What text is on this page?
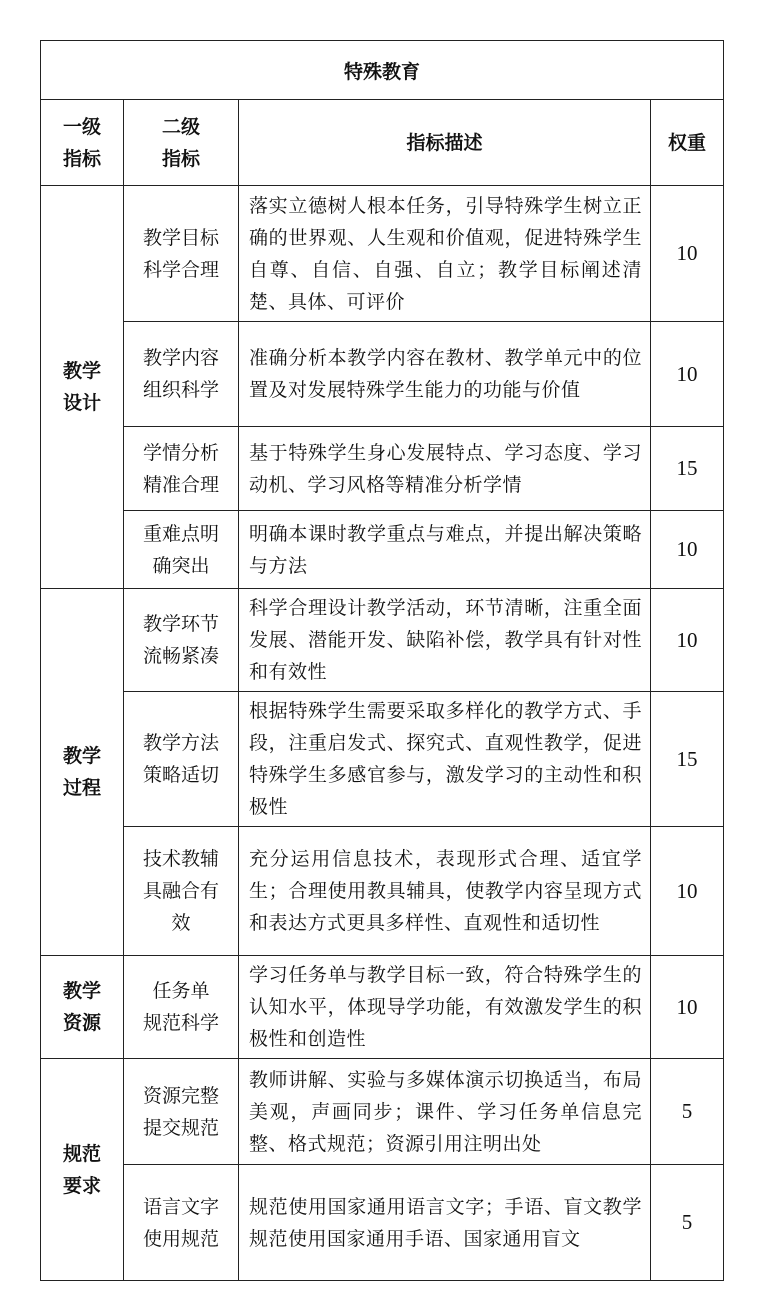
特殊教育			

一级
指标	二级
指标	指标描述	权重

教学
设计	教学目标
科学合理	落实立德树人根本任务，引导特殊学生树立正确的世界观、人生观和价值观，促进特殊学生自尊、自信、自强、自立；教学目标阐述清楚、具体、可评价	10

	教学内容
组织科学	准确分析本教学内容在教材、教学单元中的位置及对发展特殊学生能力的功能与价值	10

	学情分析
精准合理	基于特殊学生身心发展特点、学习态度、学习动机、学习风格等精准分析学情	15

	重难点明
确突出	明确本课时教学重点与难点，并提出解决策略与方法	10

教学
过程	教学环节
流畅紧凑	科学合理设计教学活动，环节清晰，注重全面发展、潜能开发、缺陷补偿，教学具有针对性和有效性	10

	教学方法
策略适切	根据特殊学生需要采取多样化的教学方式、手段，注重启发式、探究式、直观性教学，促进特殊学生多感官参与，激发学习的主动性和积极性	15

	技术教辅
具融合有
效	充分运用信息技术，表现形式合理、适宜学生；合理使用教具辅具，使教学内容呈现方式和表达方式更具多样性、直观性和适切性	10

教学
资源	任务单
规范科学	学习任务单与教学目标一致，符合特殊学生的认知水平，体现导学功能，有效激发学生的积极性和创造性	10

规范
要求	资源完整
提交规范	教师讲解、实验与多媒体演示切换适当，布局美观，声画同步；课件、学习任务单信息完整、格式规范；资源引用注明出处	5

	语言文字
使用规范	规范使用国家通用语言文字；手语、盲文教学规范使用国家通用手语、国家通用盲文	5
